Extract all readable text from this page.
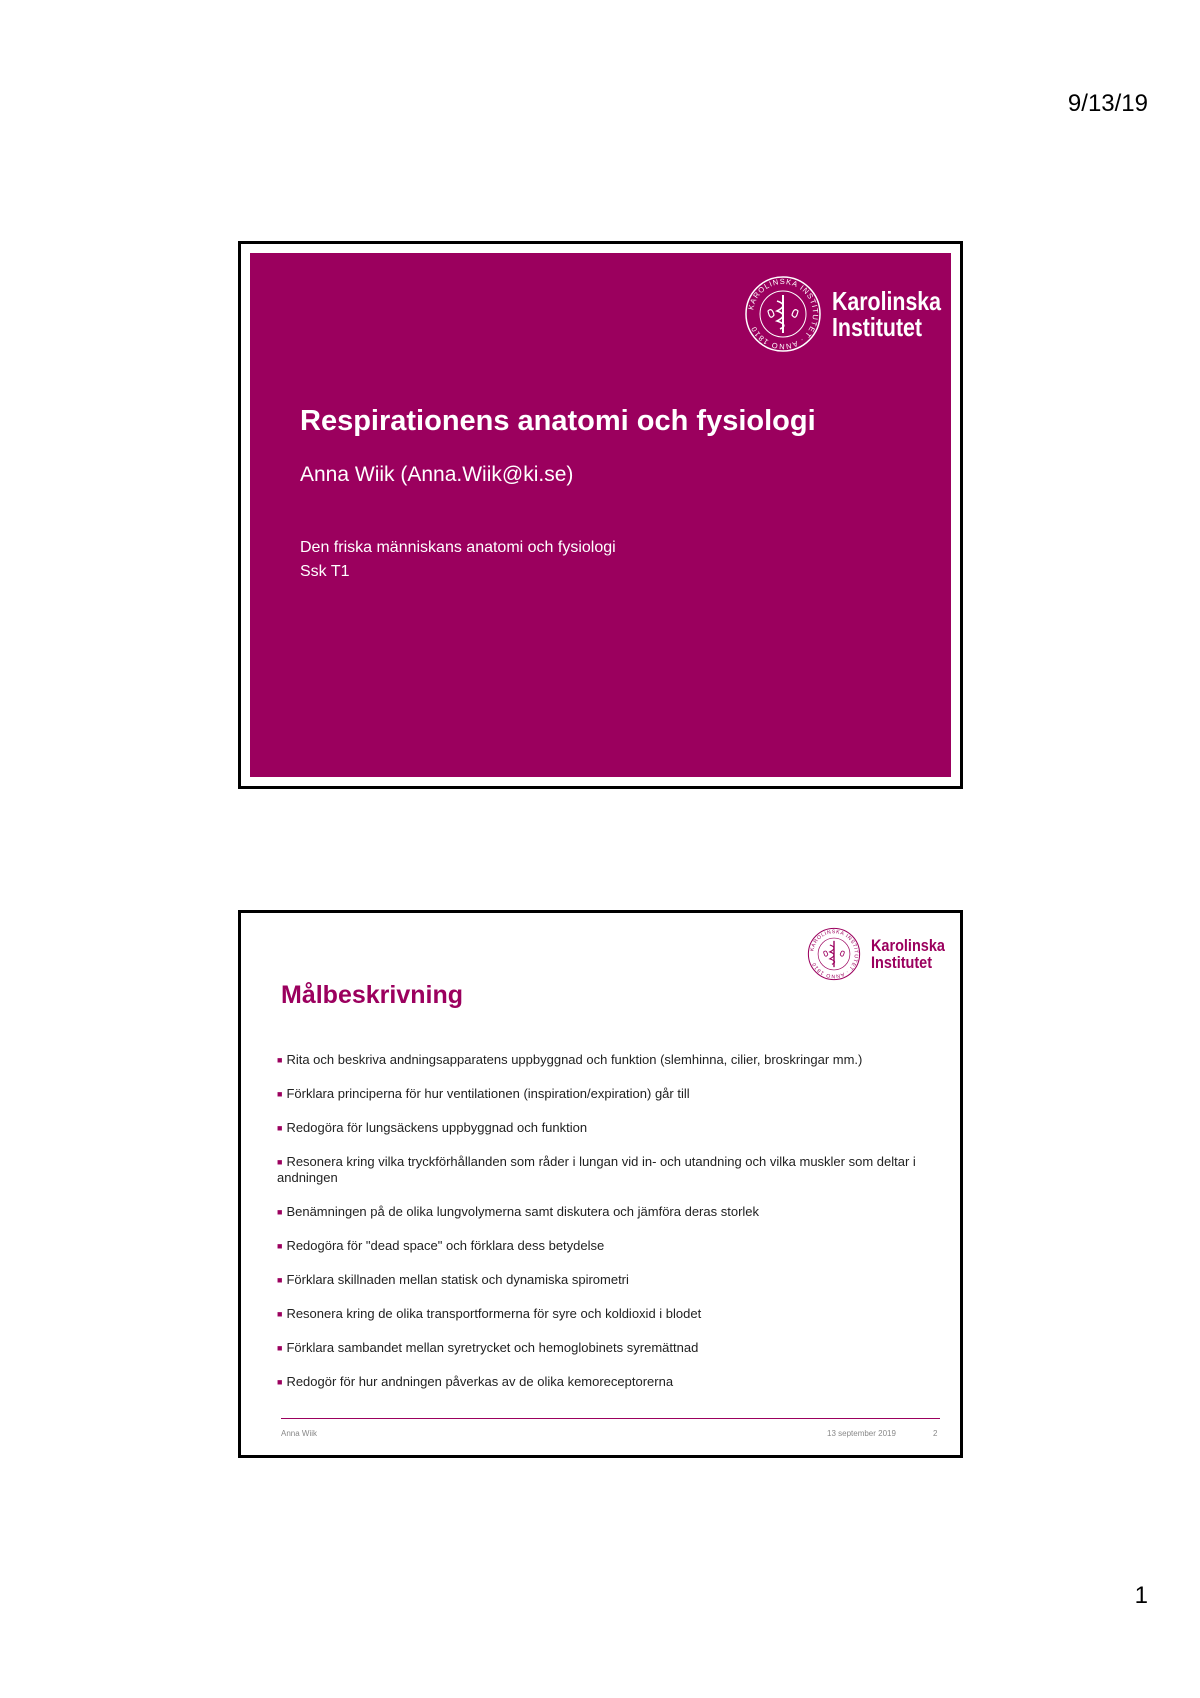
9/13/19
KAROLINSKA INSTITUTET · ANNO 1810
Karolinska
Institutet
Respirationens anatomi och fysiologi
Anna Wiik (Anna.Wiik@ki.se)
Den friska människans anatomi och fysiologi
Ssk T1
KAROLINSKA INSTITUTET · ANNO 1810
Karolinska
Institutet
Målbeskrivning
■ Rita och beskriva andningsapparatens uppbyggnad och funktion (slemhinna, cilier, broskringar mm.)
■ Förklara principerna för hur ventilationen (inspiration/expiration) går till
■ Redogöra för lungsäckens uppbyggnad och funktion
■ Resonera kring vilka tryckförhållanden som råder i lungan vid in- och utandning och vilka muskler som deltar i andningen
■ Benämningen på de olika lungvolymerna samt diskutera och jämföra deras storlek
■ Redogöra för "dead space" och förklara dess betydelse
■ Förklara skillnaden mellan statisk och dynamiska spirometri
■ Resonera kring de olika transportformerna för syre och koldioxid i blodet
■ Förklara sambandet mellan syretrycket och hemoglobinets syremättnad
■ Redogör för hur andningen påverkas av de olika kemoreceptorerna
Anna Wiik	13 september 2019	2
1
